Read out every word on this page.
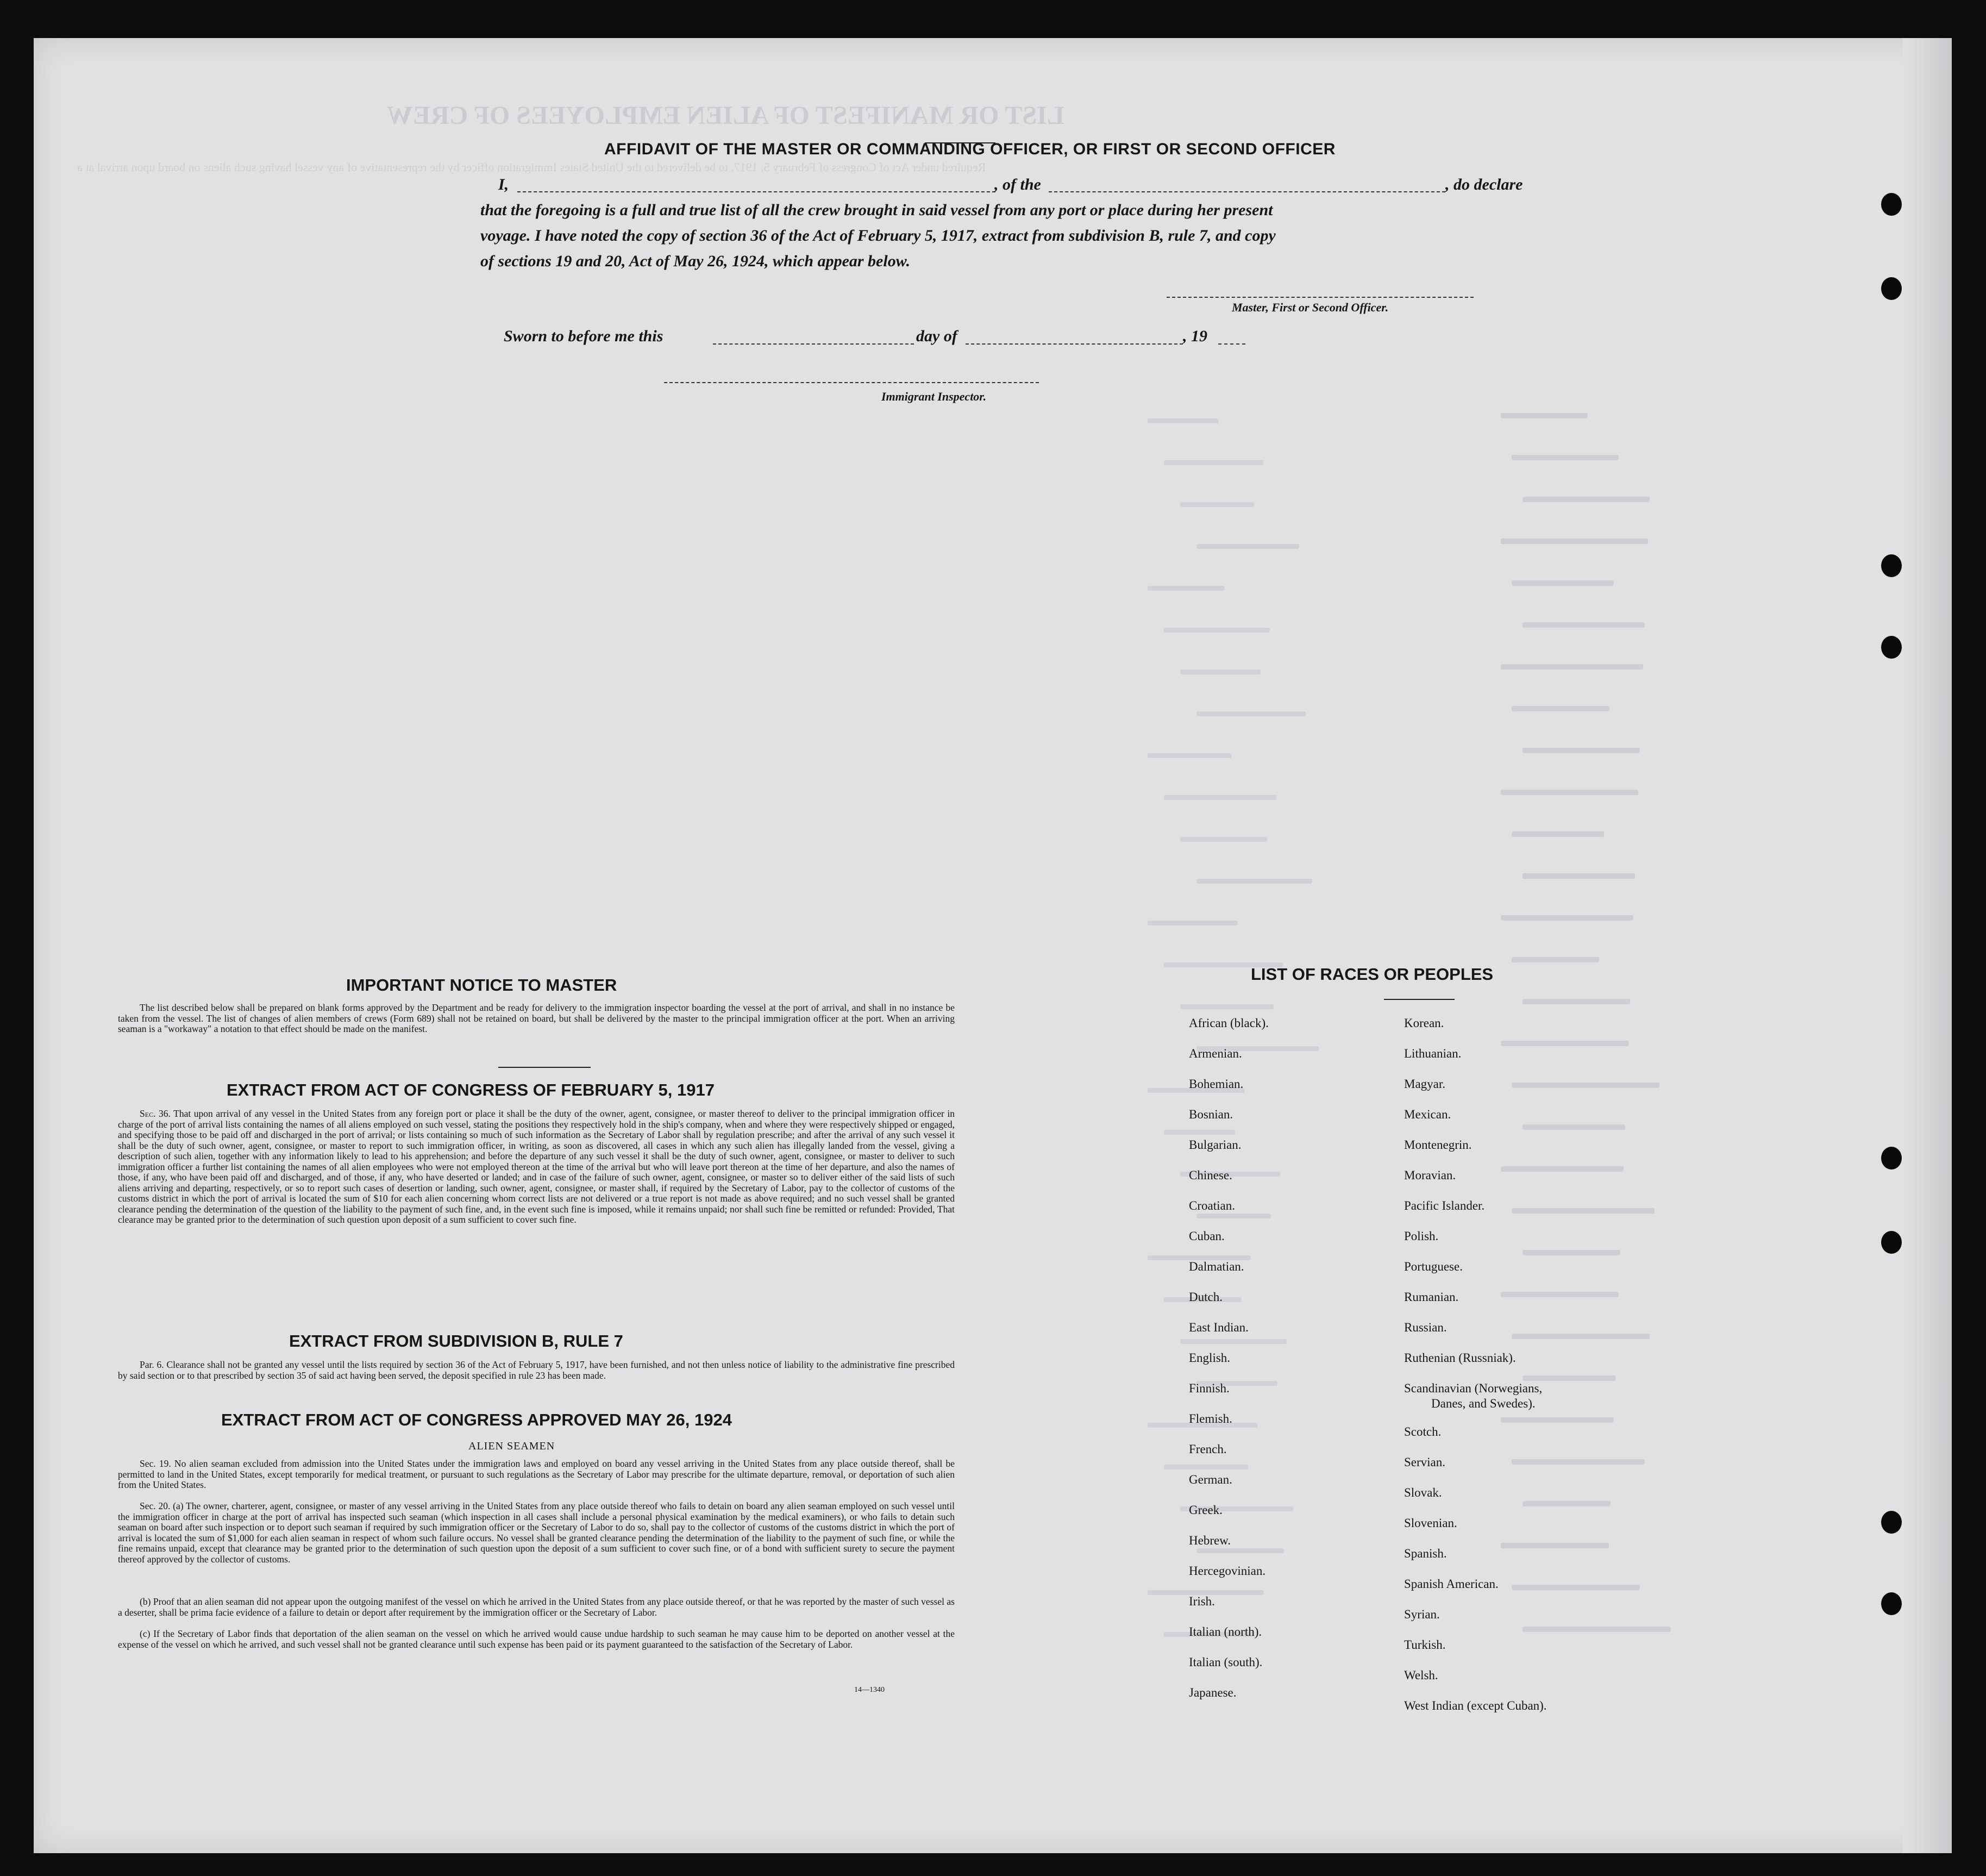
LIST OR MANIFEST OF ALIEN EMPLOYEES OF CREW
Required under Act of Congress of February 5, 1917, to be delivered to the United States Immigration officer by the representative of any vessel having such aliens on board upon arrival at a
AFFIDAVIT OF THE MASTER OR COMMANDING OFFICER, OR FIRST OR SECOND OFFICER
I,	, of the	, do declare
that the foregoing is a full and true list of all the crew brought in said vessel from any port or place during her present
voyage. I have noted the copy of section 36 of the Act of February 5, 1917, extract from subdivision B, rule 7, and copy
of sections 19 and 20, Act of May 26, 1924, which appear below.
Master, First or Second Officer.
Sworn to before me this	day of	, 19
Immigrant Inspector.
IMPORTANT NOTICE TO MASTER

The list described below shall be prepared on blank forms approved by the Department and be ready for delivery to the immigration inspector boarding the vessel at the port of arrival, and shall in no instance be taken from the vessel. The list of changes of alien members of crews (Form 689) shall not be retained on board, but shall be delivered by the master to the principal immigration officer at the port. When an arriving seaman is a "workaway" a notation to that effect should be made on the manifest.

EXTRACT FROM ACT OF CONGRESS OF FEBRUARY 5, 1917

Sec. 36. That upon arrival of any vessel in the United States from any foreign port or place it shall be the duty of the owner, agent, consignee, or master thereof to deliver to the principal immigration officer in charge of the port of arrival lists containing the names of all aliens employed on such vessel, stating the positions they respectively hold in the ship's company, when and where they were respectively shipped or engaged, and specifying those to be paid off and discharged in the port of arrival; or lists containing so much of such information as the Secretary of Labor shall by regulation prescribe; and after the arrival of any such vessel it shall be the duty of such owner, agent, consignee, or master to report to such immigration officer, in writing, as soon as discovered, all cases in which any such alien has illegally landed from the vessel, giving a description of such alien, together with any information likely to lead to his apprehension; and before the departure of any such vessel it shall be the duty of such owner, agent, consignee, or master to deliver to such immigration officer a further list containing the names of all alien employees who were not employed thereon at the time of the arrival but who will leave port thereon at the time of her departure, and also the names of those, if any, who have been paid off and discharged, and of those, if any, who have deserted or landed; and in case of the failure of such owner, agent, consignee, or master so to deliver either of the said lists of such aliens arriving and departing, respectively, or so to report such cases of desertion or landing, such owner, agent, consignee, or master shall, if required by the Secretary of Labor, pay to the collector of customs of the customs district in which the port of arrival is located the sum of $10 for each alien concerning whom correct lists are not delivered or a true report is not made as above required; and no such vessel shall be granted clearance pending the determination of the question of the liability to the payment of such fine, and, in the event such fine is imposed, while it remains unpaid; nor shall such fine be remitted or refunded: Provided, That clearance may be granted prior to the determination of such question upon deposit of a sum sufficient to cover such fine.

EXTRACT FROM SUBDIVISION B, RULE 7

Par. 6. Clearance shall not be granted any vessel until the lists required by section 36 of the Act of February 5, 1917, have been furnished, and not then unless notice of liability to the administrative fine prescribed by said section or to that prescribed by section 35 of said act having been served, the deposit specified in rule 23 has been made.

EXTRACT FROM ACT OF CONGRESS APPROVED MAY 26, 1924
ALIEN SEAMEN

Sec. 19. No alien seaman excluded from admission into the United States under the immigration laws and employed on board any vessel arriving in the United States from any place outside thereof, shall be permitted to land in the United States, except temporarily for medical treatment, or pursuant to such regulations as the Secretary of Labor may prescribe for the ultimate departure, removal, or deportation of such alien from the United States.

Sec. 20. (a) The owner, charterer, agent, consignee, or master of any vessel arriving in the United States from any place outside thereof who fails to detain on board any alien seaman employed on such vessel until the immigration officer in charge at the port of arrival has inspected such seaman (which inspection in all cases shall include a personal physical examination by the medical examiners), or who fails to detain such seaman on board after such inspection or to deport such seaman if required by such immigration officer or the Secretary of Labor to do so, shall pay to the collector of customs of the customs district in which the port of arrival is located the sum of $1,000 for each alien seaman in respect of whom such failure occurs. No vessel shall be granted clearance pending the determination of the liability to the payment of such fine, or while the fine remains unpaid, except that clearance may be granted prior to the determination of such question upon the deposit of a sum sufficient to cover such fine, or of a bond with sufficient surety to secure the payment thereof approved by the collector of customs.

(b) Proof that an alien seaman did not appear upon the outgoing manifest of the vessel on which he arrived in the United States from any place outside thereof, or that he was reported by the master of such vessel as a deserter, shall be prima facie evidence of a failure to detain or deport after requirement by the immigration officer or the Secretary of Labor.

(c) If the Secretary of Labor finds that deportation of the alien seaman on the vessel on which he arrived would cause undue hardship to such seaman he may cause him to be deported on another vessel at the expense of the vessel on which he arrived, and such vessel shall not be granted clearance until such expense has been paid or its payment guaranteed to the satisfaction of the Secretary of Labor.

14—1340
LIST OF RACES OR PEOPLES
African (black).
Armenian.
Bohemian.
Bosnian.
Bulgarian.
Chinese.
Croatian.
Cuban.
Dalmatian.
Dutch.
East Indian.
English.
Finnish.
Flemish.
French.
German.
Greek.
Hebrew.
Hercegovinian.
Irish.
Italian (north).
Italian (south).
Japanese.
Korean.
Lithuanian.
Magyar.
Mexican.
Montenegrin.
Moravian.
Pacific Islander.
Polish.
Portuguese.
Rumanian.
Russian.
Ruthenian (Russniak).
Scandinavian (Norwegians,
Danes, and Swedes).
Scotch.
Servian.
Slovak.
Slovenian.
Spanish.
Spanish American.
Syrian.
Turkish.
Welsh.
West Indian (except Cuban).
